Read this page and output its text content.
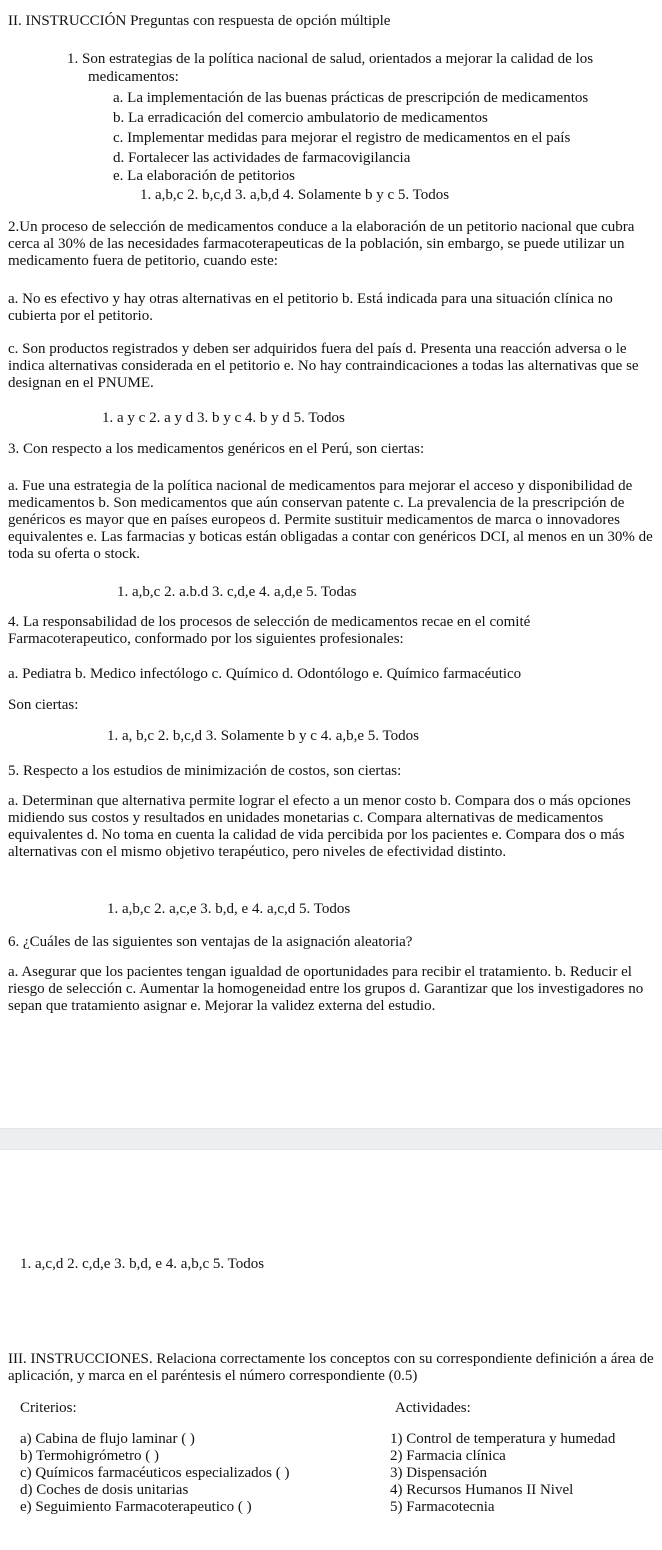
II. INSTRUCCIÓN Preguntas con respuesta de opción múltiple
1. Son estrategias de la política nacional de salud, orientados a mejorar la calidad de los
medicamentos:
a. La implementación de las buenas prácticas de prescripción de medicamentos
b. La erradicación del comercio ambulatorio de medicamentos
c. Implementar medidas para mejorar el registro de medicamentos en el país
d. Fortalecer las actividades de farmacovigilancia
e. La elaboración de petitorios
1. a,b,c 2. b,c,d 3. a,b,d 4. Solamente b y c 5. Todos
2.Un proceso de selección de medicamentos conduce a la elaboración de un petitorio nacional que cubra cerca al 30% de las necesidades farmacoterapeuticas de la población, sin embargo, se puede utilizar un medicamento fuera de petitorio, cuando este:
a. No es efectivo y hay otras alternativas en el petitorio b. Está indicada para una situación clínica no cubierta por el petitorio.
c. Son productos registrados y deben ser adquiridos fuera del país d. Presenta una reacción adversa o le indica alternativas considerada en el petitorio e. No hay contraindicaciones a todas las alternativas que se designan en el PNUME.
1. a y c 2. a y d 3. b y c 4. b y d 5. Todos
3. Con respecto a los medicamentos genéricos en el Perú, son ciertas:
a. Fue una estrategia de la política nacional de medicamentos para mejorar el acceso y disponibilidad de medicamentos b. Son medicamentos que aún conservan patente c. La prevalencia de la prescripción de genéricos es mayor que en países europeos d. Permite sustituir medicamentos de marca o innovadores equivalentes e. Las farmacias y boticas están obligadas a contar con genéricos DCI, al menos en un 30% de toda su oferta o stock.
1. a,b,c 2. a.b.d 3. c,d,e 4. a,d,e 5. Todas
4. La responsabilidad de los procesos de selección de medicamentos recae en el comité Farmacoterapeutico, conformado por los siguientes profesionales:
a. Pediatra b. Medico infectólogo c. Químico d. Odontólogo e. Químico farmacéutico
Son ciertas:
1. a, b,c 2. b,c,d 3. Solamente b y c 4. a,b,e 5. Todos
5. Respecto a los estudios de minimización de costos, son ciertas:
a. Determinan que alternativa permite lograr el efecto a un menor costo b. Compara dos o más opciones midiendo sus costos y resultados en unidades monetarias c. Compara alternativas de medicamentos equivalentes d. No toma en cuenta la calidad de vida percibida por los pacientes e. Compara dos o más alternativas con el mismo objetivo terapéutico, pero niveles de efectividad distinto.
1. a,b,c 2. a,c,e 3. b,d, e 4. a,c,d 5. Todos
6. ¿Cuáles de las siguientes son ventajas de la asignación aleatoria?
a. Asegurar que los pacientes tengan igualdad de oportunidades para recibir el tratamiento. b. Reducir el riesgo de selección c. Aumentar la homogeneidad entre los grupos d. Garantizar que los investigadores no sepan que tratamiento asignar e. Mejorar la validez externa del estudio.
1. a,c,d 2. c,d,e 3. b,d, e 4. a,b,c 5. Todos
III. INSTRUCCIONES. Relaciona correctamente los conceptos con su correspondiente definición a área de aplicación, y marca en el paréntesis el número correspondiente (0.5)
Criterios:	Actividades:
a) Cabina de flujo laminar ( )
b) Termohigrómetro ( )
c) Químicos farmacéuticos especializados ( )
d) Coches de dosis unitarias
e) Seguimiento Farmacoterapeutico ( )
1) Control de temperatura y humedad
2) Farmacia clínica
3) Dispensación
4) Recursos Humanos II Nivel
5) Farmacotecnia
